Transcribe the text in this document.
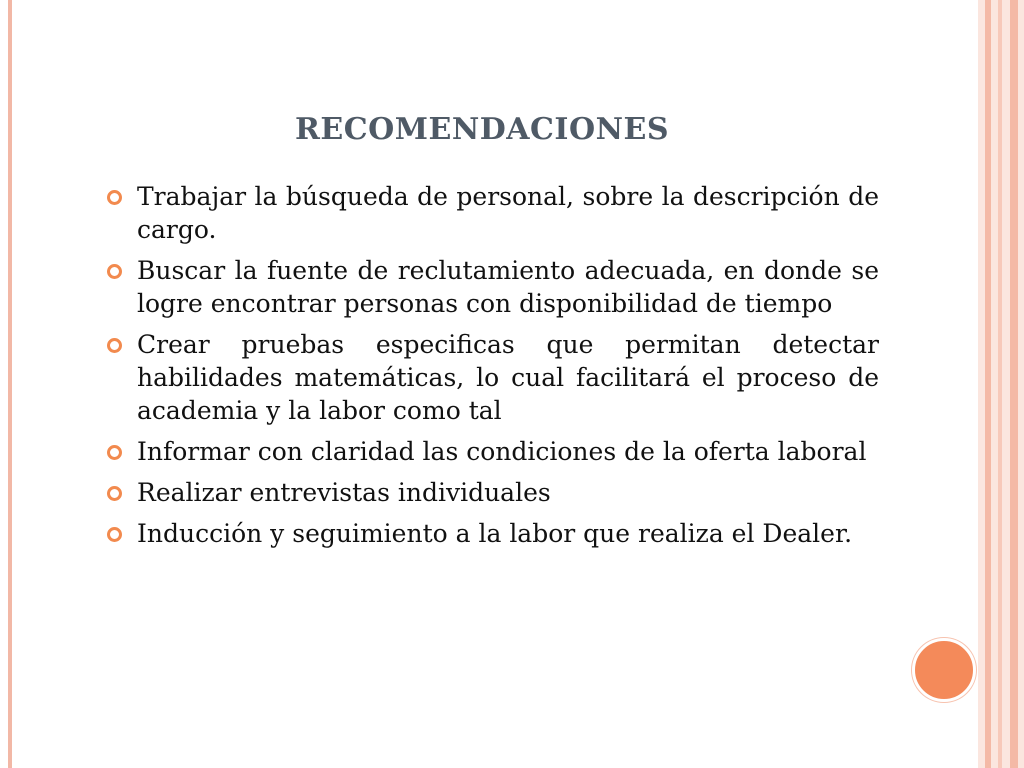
RECOMENDACIONES
Trabajar la búsqueda de personal, sobre la descripción de cargo.
Buscar la fuente de reclutamiento adecuada, en donde se logre encontrar personas con disponibilidad de tiempo
Crear pruebas especificas que permitan detectar habilidades matemáticas, lo cual facilitará el proceso de academia y la labor como tal
Informar con claridad las condiciones de la oferta laboral
Realizar entrevistas individuales
Inducción y seguimiento a la labor que realiza el Dealer.
